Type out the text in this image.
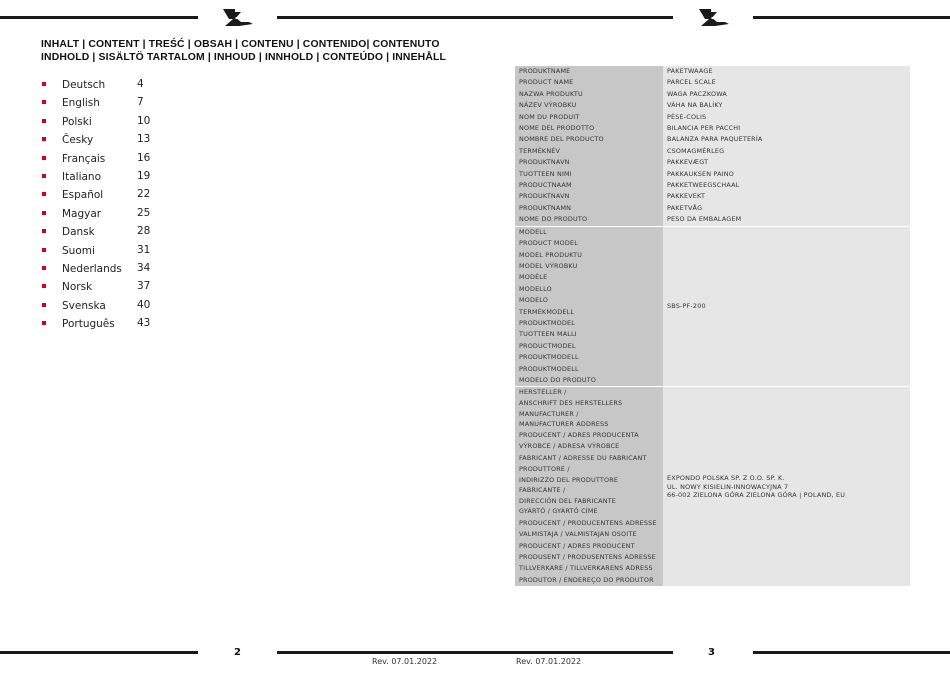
INHALT | CONTENT | TREŚĆ | OBSAH | CONTENU | CONTENIDO| CONTENUTO
INDHOLD | SISÄLTÖ TARTALOM | INHOUD | INNHOLD | CONTEÚDO | INNEHÅLL
Deutsch	4
English	7
Polski	10
Česky	13
Français	16
Italiano	19
Español	22
Magyar	25
Dansk	28
Suomi	31
Nederlands 34
Norsk	37
Svenska	40
Português 43
PRODUKTNAME	PAKETWAAGE
PRODUCT NAME	PARCEL SCALE
NAZWA PRODUKTU	WAGA PACZKOWA
NÁZEV VÝROBKU	VÁHA NA BALÍKY
NOM DU PRODUIT	PÈSE-COLIS
NOME DEL PRODOTTO	BILANCIA PER PACCHI
NOMBRE DEL PRODUCTO	BALANZA PARA PAQUETERÍA
TERMÉKNÉV	CSOMAGMÉRLEG
PRODUKTNAVN	PAKKEVÆGT
TUOTTEEN NIMI	PAKKAUKSEN PAINO
PRODUCTNAAM	PAKKETWEEGSCHAAL
PRODUKTNAVN	PAKKEVEKT
PRODUKTNAMN	PAKETVÅG
NOME DO PRODUTO	PESO DA EMBALAGEM
MODELL	SBS-PF-200
PRODUCT MODEL	
MODEL PRODUKTU	
MODEL VÝROBKU	
MODÈLE	
MODELLO	
MODELO	
TERMÉKMODELL	
PRODUKTMODEL	
TUOTTEEN MALLI	
PRODUCTMODEL	
PRODUKTMODELL	
PRODUKTMODELL	
MODELO DO PRODUTO	

HERSTELLER /
ANSCHRIFT DES HERSTELLERS	EXPONDO POLSKA SP. Z O.O. SP. K.
UL. NOWY KISIELIN-INNOWACYJNA 7
66-002 ZIELONA GÓRA ZIELONA GÓRA | POLAND, EU

MANUFACTURER /
MANUFACTURER ADDRESS	

PRODUCENT / ADRES PRODUCENTA	
VÝROBCE / ADRESA VÝROBCE	
FABRICANT / ADRESSE DU FABRICANT	

PRODUTTORE /
INDIRIZZO DEL PRODUTTORE	

FABRICANTE /
DIRECCIÓN DEL FABRICANTE	

GYÁRTÓ / GYÁRTÓ CÍME	
PRODUCENT / PRODUCENTENS ADRESSE	
VALMISTAJA / VALMISTAJAN OSOITE	
PRODUCENT / ADRES PRODUCENT	
PRODUSENT / PRODUSENTENS ADRESSE	
TILLVERKARE / TILLVERKARENS ADRESS	
PRODUTOR / ENDEREÇO DO PRODUTOR	
2	3
Rev. 07.01.2022	Rev. 07.01.2022
